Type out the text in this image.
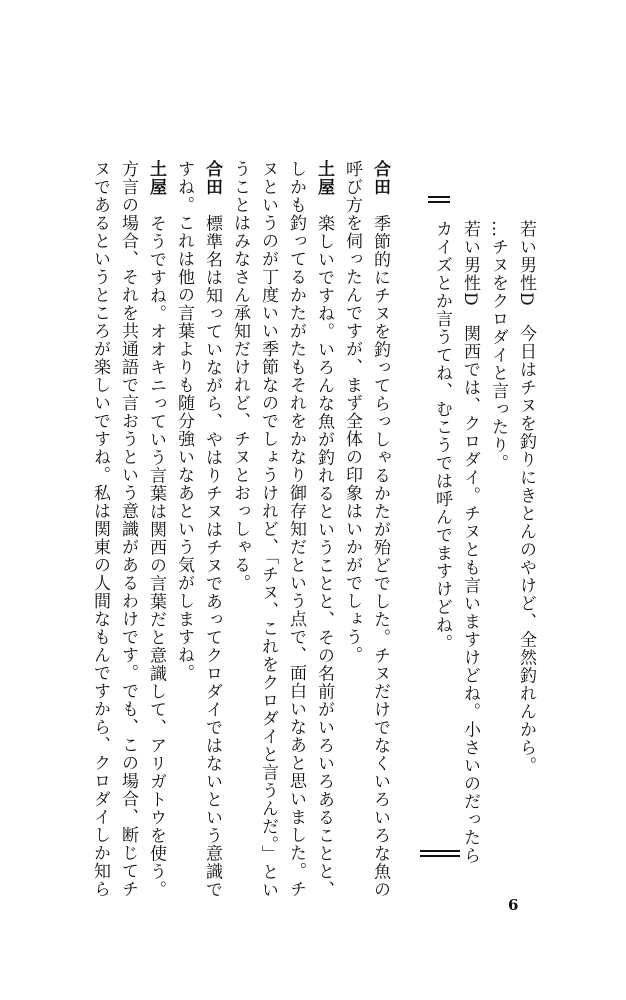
若い男性D　今日はチヌを釣りにきとんのやけど、全然釣れんから。
…チヌをクロダイと言ったり。
若い男性D　関西では、クロダイ。チヌとも言いますけどね。小さいのだったら
カイズとか言うてね、むこうでは呼んでますけどね。
合田 季節的にチヌを釣ってらっしゃるかたが殆どでした。チヌだけでなくいろいろな魚の
呼び方を伺ったんですが、まず全体の印象はいかがでしょう。
土屋 楽しいですね。いろんな魚が釣れるということと、その名前がいろいろあることと、
しかも釣ってるかたがたもそれをかなり御存知だという点で、面白いなあと思いました。チ
ヌというのが丁度いい季節なのでしょうけれど、「チヌ、これをクロダイと言うんだ。」とい
うことはみなさん承知だけれど、チヌとおっしゃる。
合田 標準名は知っていながら、やはりチヌはチヌであってクロダイではないという意識で
すね。これは他の言葉よりも随分強いなあという気がしますね。
土屋 そうですね。オオキニっていう言葉は関西の言葉だと意識して、アリガトウを使う。
方言の場合、それを共通語で言おうという意識があるわけです。でも、この場合、断じてチ
ヌであるというところが楽しいですね。私は関東の人間なもんですから、クロダイしか知ら
6
